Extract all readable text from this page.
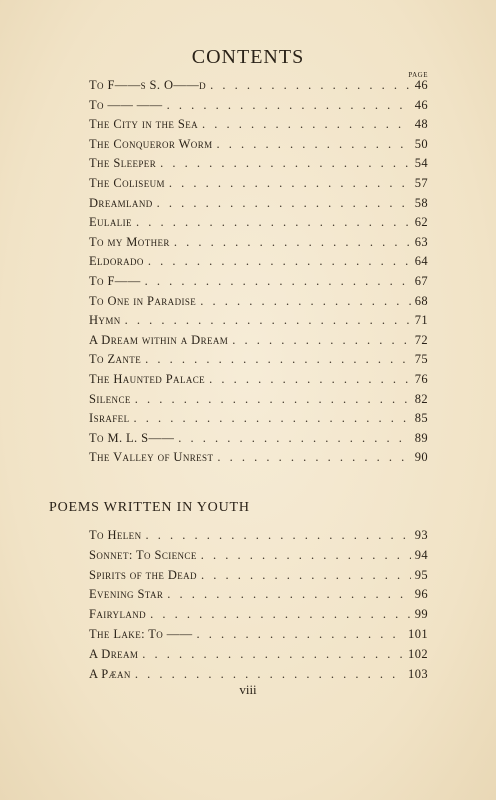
CONTENTS
PAGE
To F——s S. O——d . . .	46
To —— —— . . .	46
The City in the Sea . . .	48
The Conqueror Worm . . .	50
The Sleeper . . .	54
The Coliseum . . .	57
Dreamland . . .	58
Eulalie . . .	62
To my Mother . . .	63
Eldorado . . .	64
To F—— . . .	67
To One in Paradise . . .	68
Hymn . . .	71
A Dream within a Dream . . .	72
To Zante . . .	75
The Haunted Palace . . .	76
Silence . . .	82
Israfel . . .	85
To M. L. S—— . . .	89
The Valley of Unrest . . .	90
POEMS WRITTEN IN YOUTH
To Helen . . .	93
Sonnet: To Science . . .	94
Spirits of the Dead . . .	95
Evening Star . . .	96
Fairyland . . .	99
The Lake: To —— . . .	101
A Dream . . .	102
A Pæan . . .	103
viii
